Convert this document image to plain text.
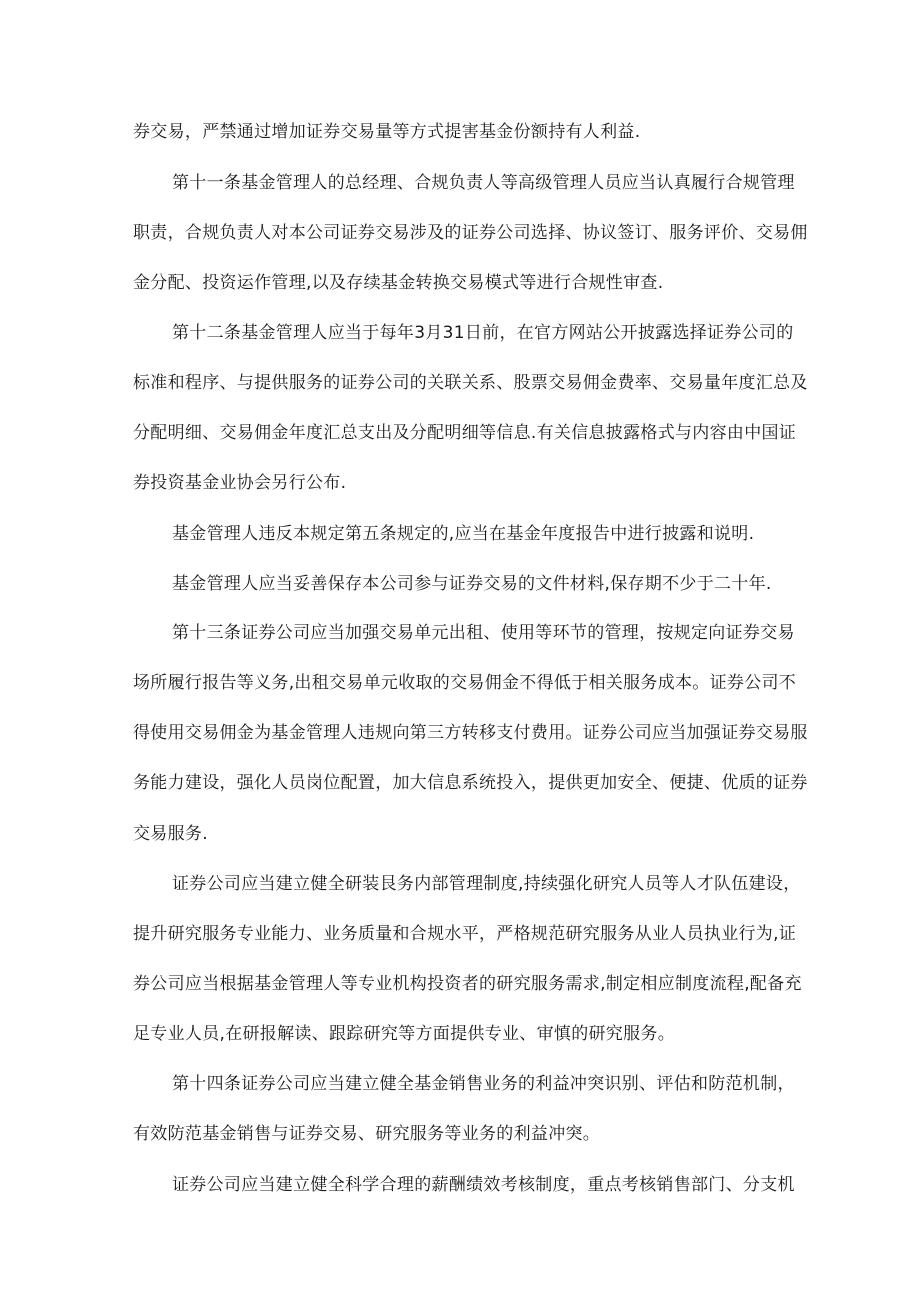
券交易，严禁通过增加证券交易量等方式提害基金份额持有人利益.
第十一条基金管理人的总经理、合规负责人等高级管理人员应当认真履行合规管理
职责，合规负责人对本公司证券交易涉及的证券公司选择、协议签订、服务评价、交易佣
金分配、投资运作管理,以及存续基金转换交易模式等进行合规性审查.
第十二条基金管理人应当于每年3月31日前，在官方网站公开披露选择证券公司的
标准和程序、与提供服务的证券公司的关联关系、股票交易佣金费率、交易量年度汇总及
分配明细、交易佣金年度汇总支出及分配明细等信息.有关信息披露格式与内容由中国证
券投资基金业协会另行公布.
基金管理人违反本规定第五条规定的,应当在基金年度报告中进行披露和说明.
基金管理人应当妥善保存本公司参与证券交易的文件材料,保存期不少于二十年.
第十三条证券公司应当加强交易单元出租、使用等环节的管理，按规定向证券交易
场所履行报告等义务,出租交易单元收取的交易佣金不得低于相关服务成本。证券公司不
得使用交易佣金为基金管理人违规向第三方转移支付费用。证券公司应当加强证券交易服
务能力建设，强化人员岗位配置，加大信息系统投入，提供更加安全、便捷、优质的证券
交易服务.
证券公司应当建立健全研装艮务内部管理制度,持续强化研究人员等人才队伍建设，
提升研究服务专业能力、业务质量和合规水平，严格规范研究服务从业人员执业行为,证
券公司应当根据基金管理人等专业机构投资者的研究服务需求,制定相应制度流程,配备充
足专业人员,在研报解读、跟踪研究等方面提供专业、审慎的研究服务。
第十四条证券公司应当建立健全基金销售业务的利益冲突识别、评估和防范机制，
有效防范基金销售与证券交易、研究服务等业务的利益冲突。
证券公司应当建立健全科学合理的薪酬绩效考核制度，重点考核销售部门、分支机
